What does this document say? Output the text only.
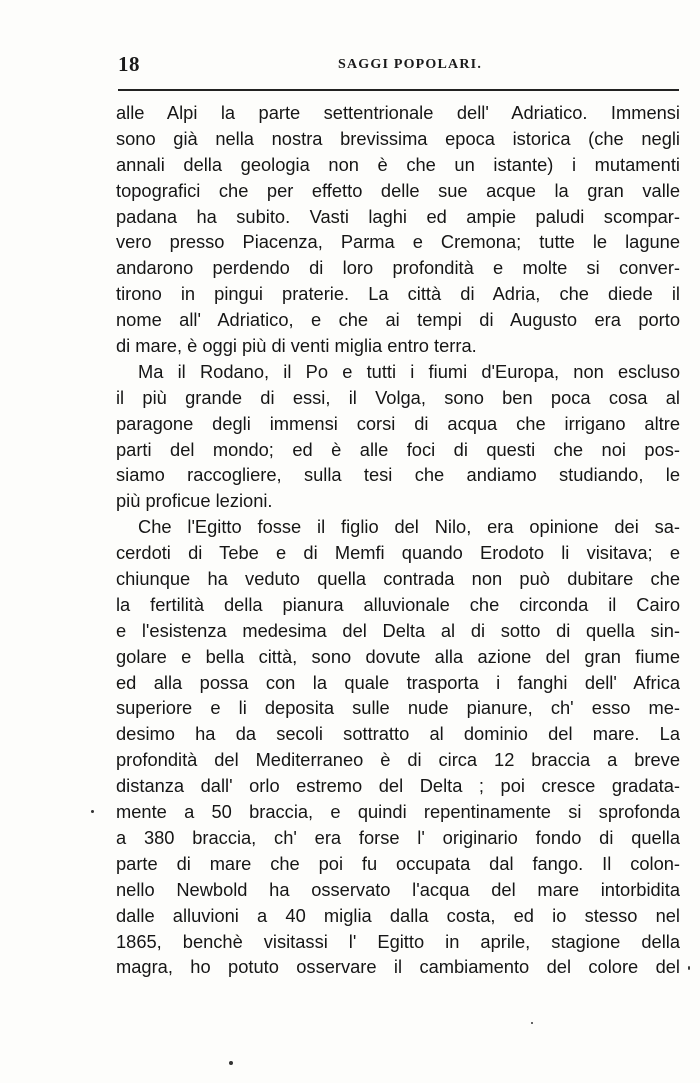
18	SAGGI POPOLARI.
alle Alpi la parte settentrionale dell' Adriatico. Immensi
sono già nella nostra brevissima epoca istorica (che negli
annali della geologia non è che un istante) i mutamenti
topografici che per effetto delle sue acque la gran valle
padana ha subito. Vasti laghi ed ampie paludi scompar-
vero presso Piacenza, Parma e Cremona; tutte le lagune
andarono perdendo di loro profondità e molte si conver-
tirono in pingui praterie. La città di Adria, che diede il
nome all' Adriatico, e che ai tempi di Augusto era porto
di mare, è oggi più di venti miglia entro terra.
Ma il Rodano, il Po e tutti i fiumi d'Europa, non escluso
il più grande di essi, il Volga, sono ben poca cosa al
paragone degli immensi corsi di acqua che irrigano altre
parti del mondo; ed è alle foci di questi che noi pos-
siamo raccogliere, sulla tesi che andiamo studiando, le
più proficue lezioni.
Che l'Egitto fosse il figlio del Nilo, era opinione dei sa-
cerdoti di Tebe e di Memfi quando Erodoto li visitava; e
chiunque ha veduto quella contrada non può dubitare che
la fertilità della pianura alluvionale che circonda il Cairo
e l'esistenza medesima del Delta al di sotto di quella sin-
golare e bella città, sono dovute alla azione del gran fiume
ed alla possa con la quale trasporta i fanghi dell' Africa
superiore e li deposita sulle nude pianure, ch' esso me-
desimo ha da secoli sottratto al dominio del mare. La
profondità del Mediterraneo è di circa 12 braccia a breve
distanza dall' orlo estremo del Delta ; poi cresce gradata-
mente a 50 braccia, e quindi repentinamente si sprofonda
a 380 braccia, ch' era forse l' originario fondo di quella
parte di mare che poi fu occupata dal fango. Il colon-
nello Newbold ha osservato l'acqua del mare intorbidita
dalle alluvioni a 40 miglia dalla costa, ed io stesso nel
1865, benchè visitassi l' Egitto in aprile, stagione della
magra, ho potuto osservare il cambiamento del colore del
